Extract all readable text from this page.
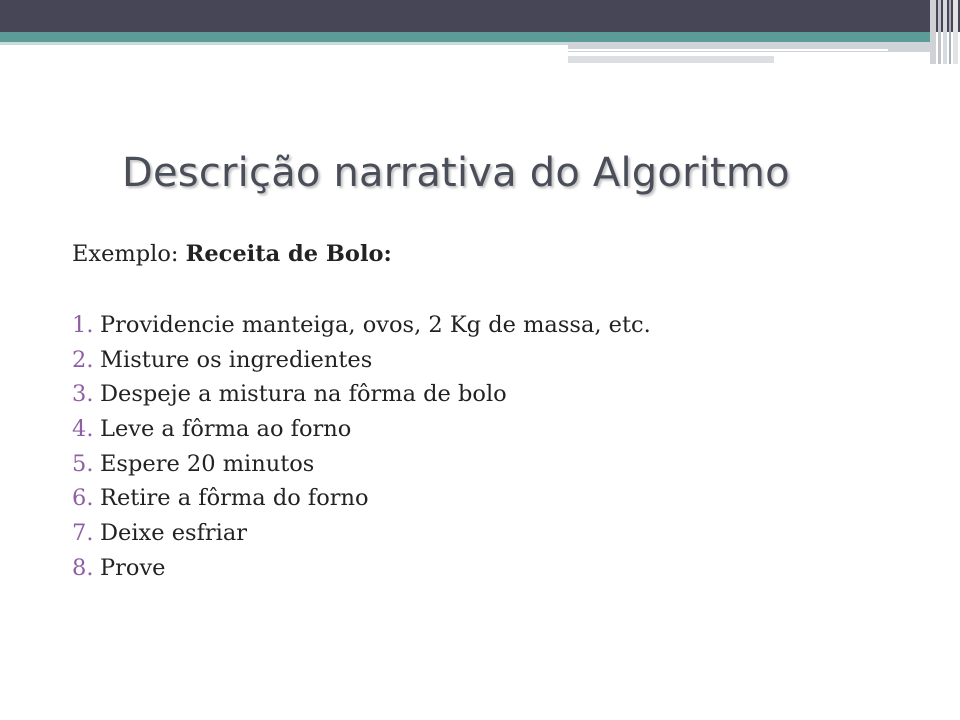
Descrição narrativa do Algoritmo
Exemplo: Receita de Bolo:
1. Providencie manteiga, ovos, 2 Kg de massa, etc.
2. Misture os ingredientes
3. Despeje a mistura na fôrma de bolo
4. Leve a fôrma ao forno
5. Espere 20 minutos
6. Retire a fôrma do forno
7. Deixe esfriar
8. Prove
